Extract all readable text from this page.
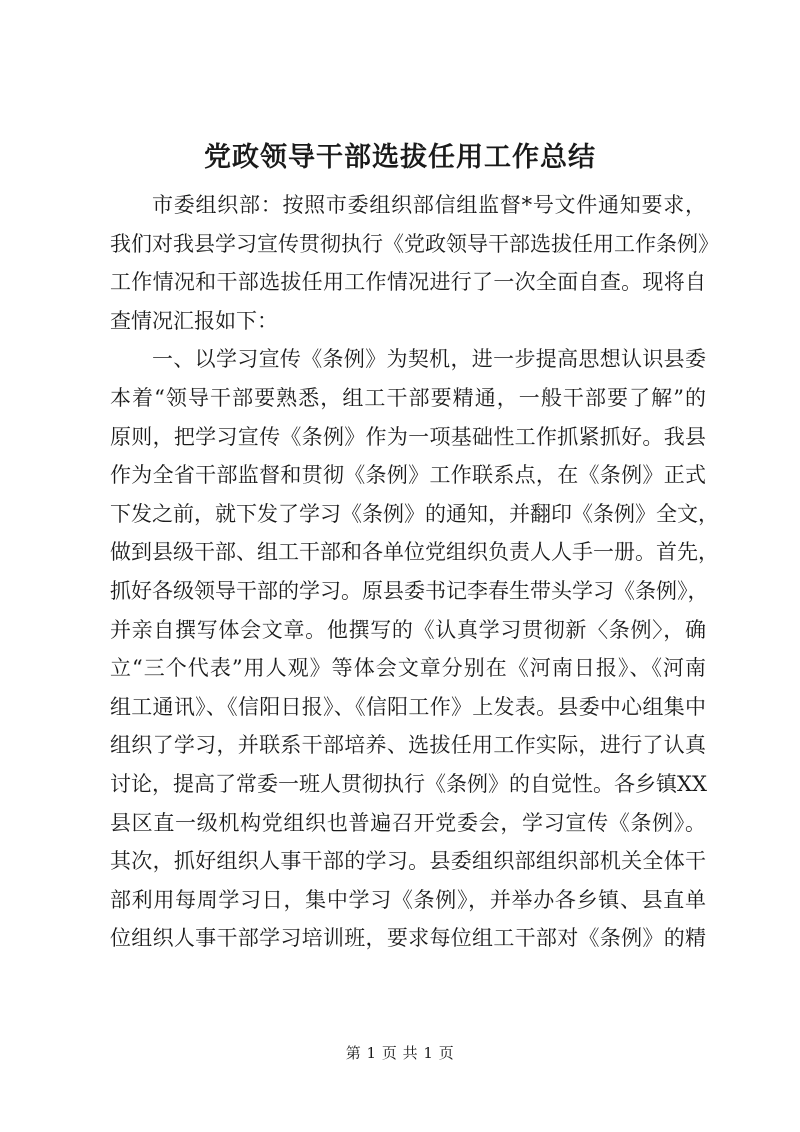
党政领导干部选拔任用工作总结
市委组织部：按照市委组织部信组监督*号文件通知要求，
我们对我县学习宣传贯彻执行《党政领导干部选拔任用工作条例》
工作情况和干部选拔任用工作情况进行了一次全面自查。现将自
查情况汇报如下：
一、以学习宣传《条例》为契机，进一步提高思想认识县委
本着“领导干部要熟悉，组工干部要精通，一般干部要了解”的
原则，把学习宣传《条例》作为一项基础性工作抓紧抓好。我县
作为全省干部监督和贯彻《条例》工作联系点，在《条例》正式
下发之前，就下发了学习《条例》的通知，并翻印《条例》全文，
做到县级干部、组工干部和各单位党组织负责人人手一册。首先，
抓好各级领导干部的学习。原县委书记李春生带头学习《条例》，
并亲自撰写体会文章。他撰写的《认真学习贯彻新〈条例〉，确
立“三个代表”用人观》等体会文章分别在《河南日报》、《河南
组工通讯》、《信阳日报》、《信阳工作》上发表。县委中心组集中
组织了学习，并联系干部培养、选拔任用工作实际，进行了认真
讨论，提高了常委一班人贯彻执行《条例》的自觉性。各乡镇XX
县区直一级机构党组织也普遍召开党委会，学习宣传《条例》。
其次，抓好组织人事干部的学习。县委组织部组织部机关全体干
部利用每周学习日，集中学习《条例》，并举办各乡镇、县直单
位组织人事干部学习培训班，要求每位组工干部对《条例》的精
第 1 页 共 1 页
